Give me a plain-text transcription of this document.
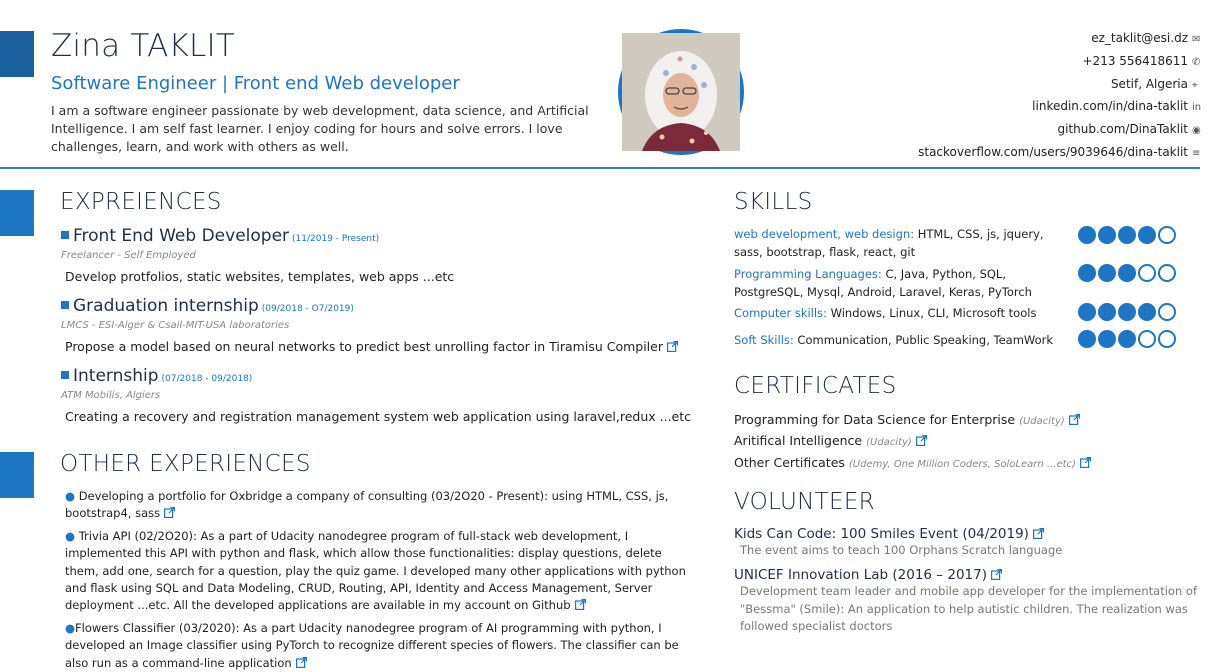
Zina TAKLIT
Software Engineer | Front end Web developer
I am a software engineer passionate by web development, data science, and Artificial Intelligence. I am self fast learner. I enjoy coding for hours and solve errors. I love challenges, learn, and work with others as well.
ez_taklit@esi.dz ✉
+213 556418611 ✆
Setif, Algeria ⌖
linkedin.com/in/dina-taklit in
github.com/DinaTaklit ◉
stackoverflow.com/users/9039646/dina-taklit ≡
EXPREIENCES
Front End Web Developer (11/2019 - Present)
Freelancer - Self Employed
Develop protfolios, static websites, templates, web apps ...etc
Graduation internship (09/2018 - O7/2019)
LMCS - ESI-Alger & Csail-MIT-USA laboratories
Propose a model based on neural networks to predict best unrolling factor in Tiramisu Compiler
Internship (07/2018 - 09/2018)
ATM Mobilis, Algiers
Creating a recovery and registration management system web application using laravel,redux ...etc
OTHER EXPERIENCES
● Developing a portfolio for Oxbridge a company of consulting (03/2O20 - Present): using HTML, CSS, js, bootstrap4, sass
● Trivia API (02/2O20): As a part of Udacity nanodegree program of full-stack web development, I implemented this API with python and flask, which allow those functionalities: display questions, delete them, add one, search for a question, play the quiz game. I developed many other applications with python and flask using SQL and Data Modeling, CRUD, Routing, API, Identity and Access Management, Server deployment ...etc. All the developed applications are available in my account on Github
●Flowers Classifier (03/2020): As a part Udacity nanodegree program of AI programming with python, I developed an Image classifier using PyTorch to recognize different species of flowers. The classifier can be also run as a command-line application
SKILLS
web development, web design: HTML, CSS, js, jquery, sass, bootstrap, flask, react, git
Programming Languages: C, Java, Python, SQL, PostgreSQL, Mysql, Android, Laravel, Keras, PyTorch
Computer skills: Windows, Linux, CLI, Microsoft tools
Soft Skills: Communication, Public Speaking, TeamWork
CERTIFICATES
Programming for Data Science for Enterprise (Udacity)
Aritifical Intelligence (Udacity)
Other Certificates (Udemy, One Million Coders, SoloLearn ...etc)
VOLUNTEER
Kids Can Code: 100 Smiles Event (04/2019)
The event aims to teach 100 Orphans Scratch language
UNICEF Innovation Lab (2016 – 2017)
Development team leader and mobile app developer for the implementation of "Bessma" (Smile): An application to help autistic children. The realization was followed specialist doctors
